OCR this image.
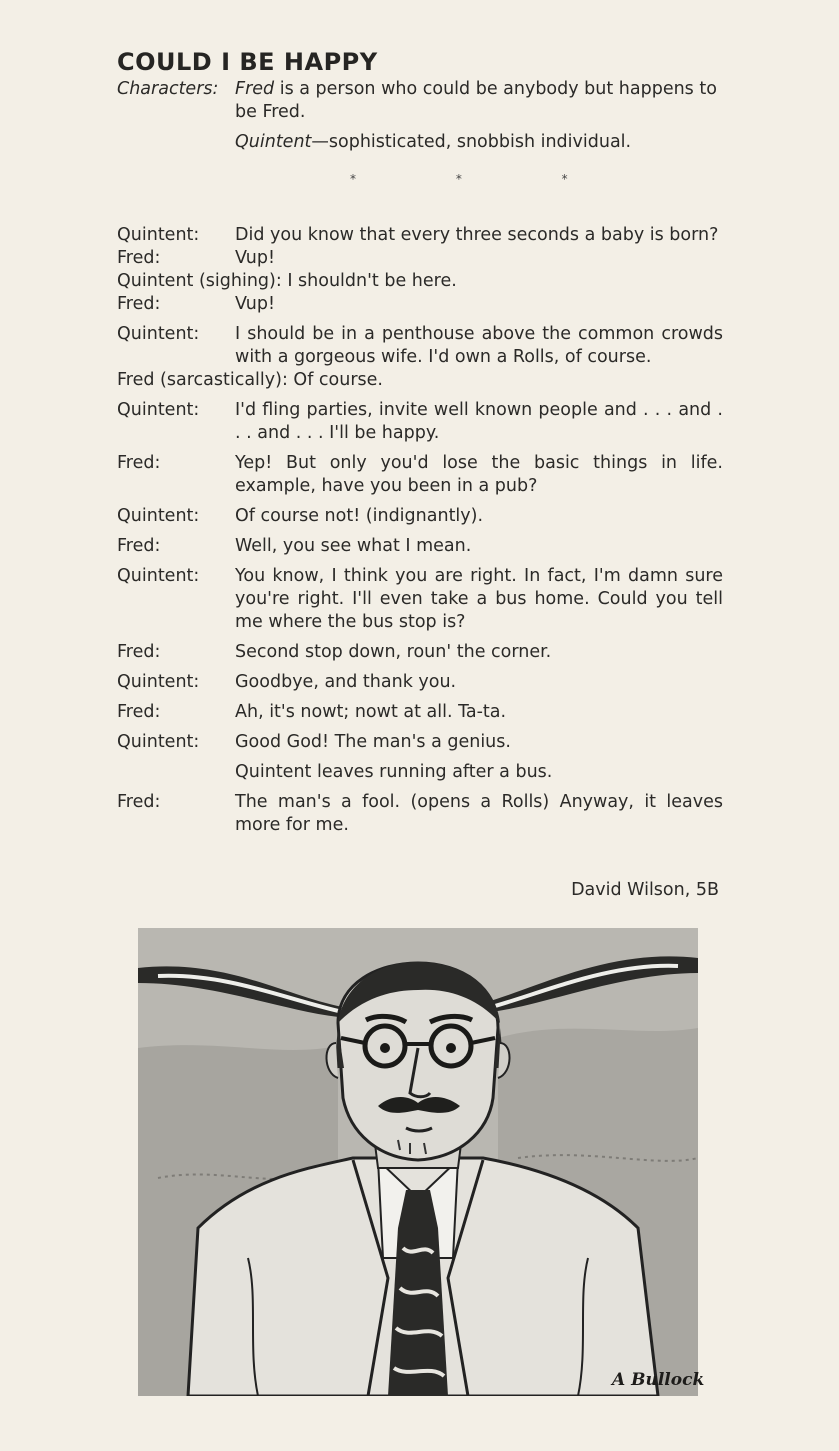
COULD I BE HAPPY
Characters: Fred is a person who could be anybody but happens to be Fred.
Quintent—sophisticated, snobbish individual.
* * *
Quintent: Did you know that every three seconds a baby is born?
Fred:	Vup!
Quintent (sighing): I shouldn't be here.
Fred:	Vup!
Quintent: I should be in a penthouse above the common crowds with a gorgeous wife. I'd own a Rolls, of course.
Fred (sarcastically): Of course.
Quintent: I'd fling parties, invite well known people and . . . and . . . and . . . I'll be happy.
Fred:	Yep! But only you'd lose the basic things in life. example, have you been in a pub?
Quintent: Of course not! (indignantly).
Fred:	Well, you see what I mean.
Quintent: You know, I think you are right. In fact, I'm damn sure you're right. I'll even take a bus home. Could you tell me where the bus stop is?
Fred:	Second stop down, roun' the corner.
Quintent: Goodbye, and thank you.
Fred:	Ah, it's nowt; nowt at all. Ta-ta.
Quintent: Good God! The man's a genius.
Quintent leaves running after a bus.
Fred:	The man's a fool. (opens a Rolls) Anyway, it leaves more for me.
David Wilson, 5B
A Bullock
